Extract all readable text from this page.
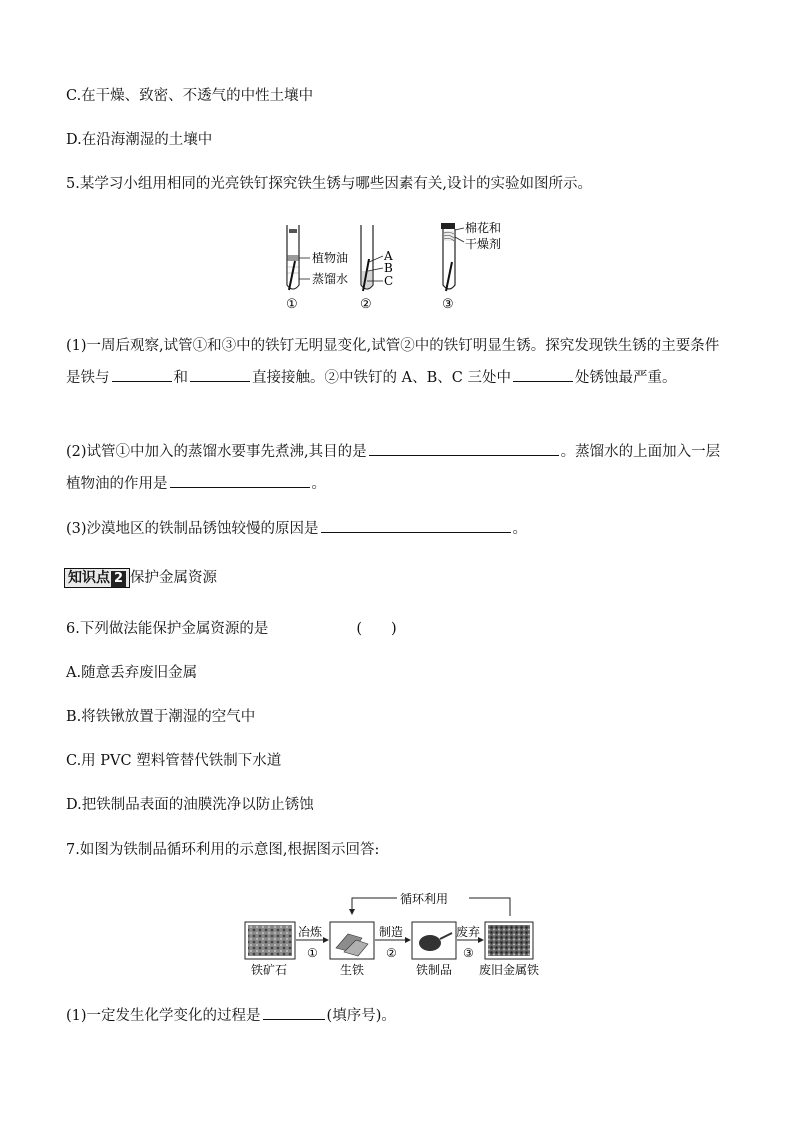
C.在干燥、致密、不透气的中性土壤中
D.在沿海潮湿的土壤中
5.某学习小组用相同的光亮铁钉探究铁生锈与哪些因素有关,设计的实验如图所示。
植物油
蒸馏水
A
B
C
棉花和
干燥剂
①	②	③
(1)一周后观察,试管①和③中的铁钉无明显变化,试管②中的铁钉明显生锈。探究发现铁生锈的主要条件是铁与	和	直接接触。②中铁钉的 A、B、C 三处中	处锈蚀最严重。
(2)试管①中加入的蒸馏水要事先煮沸,其目的是	。蒸馏水的上面加入一层植物油的作用是	。
(3)沙漠地区的铁制品锈蚀较慢的原因是	。
知识点 2 保护金属资源
6.下列做法能保护金属资源的是	(　　)
A.随意丢弃废旧金属
B.将铁锹放置于潮湿的空气中
C.用 PVC 塑料管替代铁制下水道
D.把铁制品表面的油膜洗净以防止锈蚀
7.如图为铁制品循环利用的示意图,根据图示回答:
循环利用
冶炼
①
制造
②
废弃
③
铁矿石	生铁	铁制品 废旧金属铁
(1)一定发生化学变化的过程是	(填序号)。
